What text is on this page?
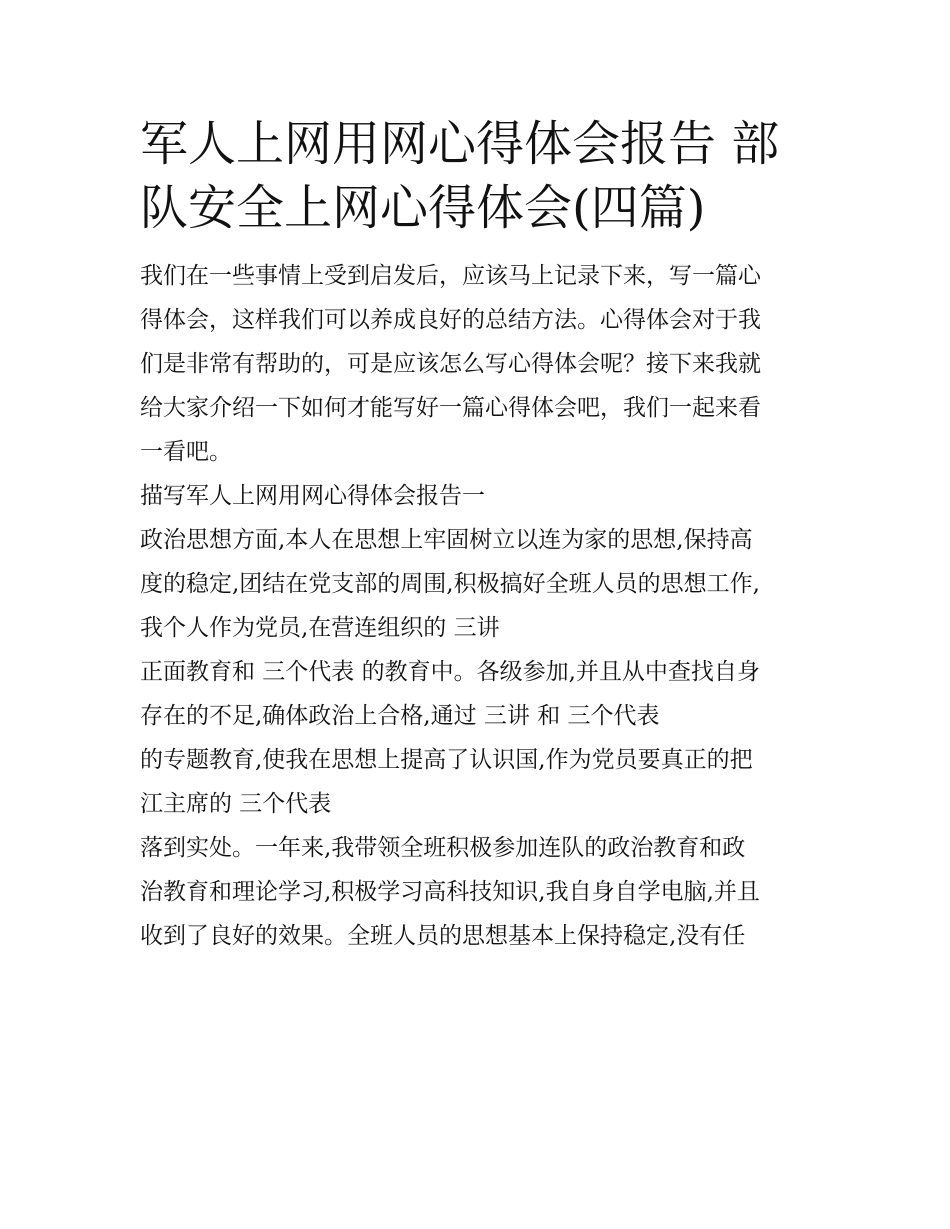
军人上网用网心得体会报告 部
队安全上网心得体会(四篇)
我们在一些事情上受到启发后，应该马上记录下来，写一篇心
得体会，这样我们可以养成良好的总结方法。心得体会对于我
们是非常有帮助的，可是应该怎么写心得体会呢？接下来我就
给大家介绍一下如何才能写好一篇心得体会吧，我们一起来看
一看吧。
描写军人上网用网心得体会报告一
政治思想方面,本人在思想上牢固树立以连为家的思想,保持高
度的稳定,团结在党支部的周围,积极搞好全班人员的思想工作,
我个人作为党员,在营连组织的 三讲
正面教育和 三个代表 的教育中。各级参加,并且从中查找自身
存在的不足,确体政治上合格,通过 三讲 和 三个代表
的专题教育,使我在思想上提高了认识国,作为党员要真正的把
江主席的 三个代表
落到实处。一年来,我带领全班积极参加连队的政治教育和政
治教育和理论学习,积极学习高科技知识,我自身自学电脑,并且
收到了良好的效果。全班人员的思想基本上保持稳定,没有任
